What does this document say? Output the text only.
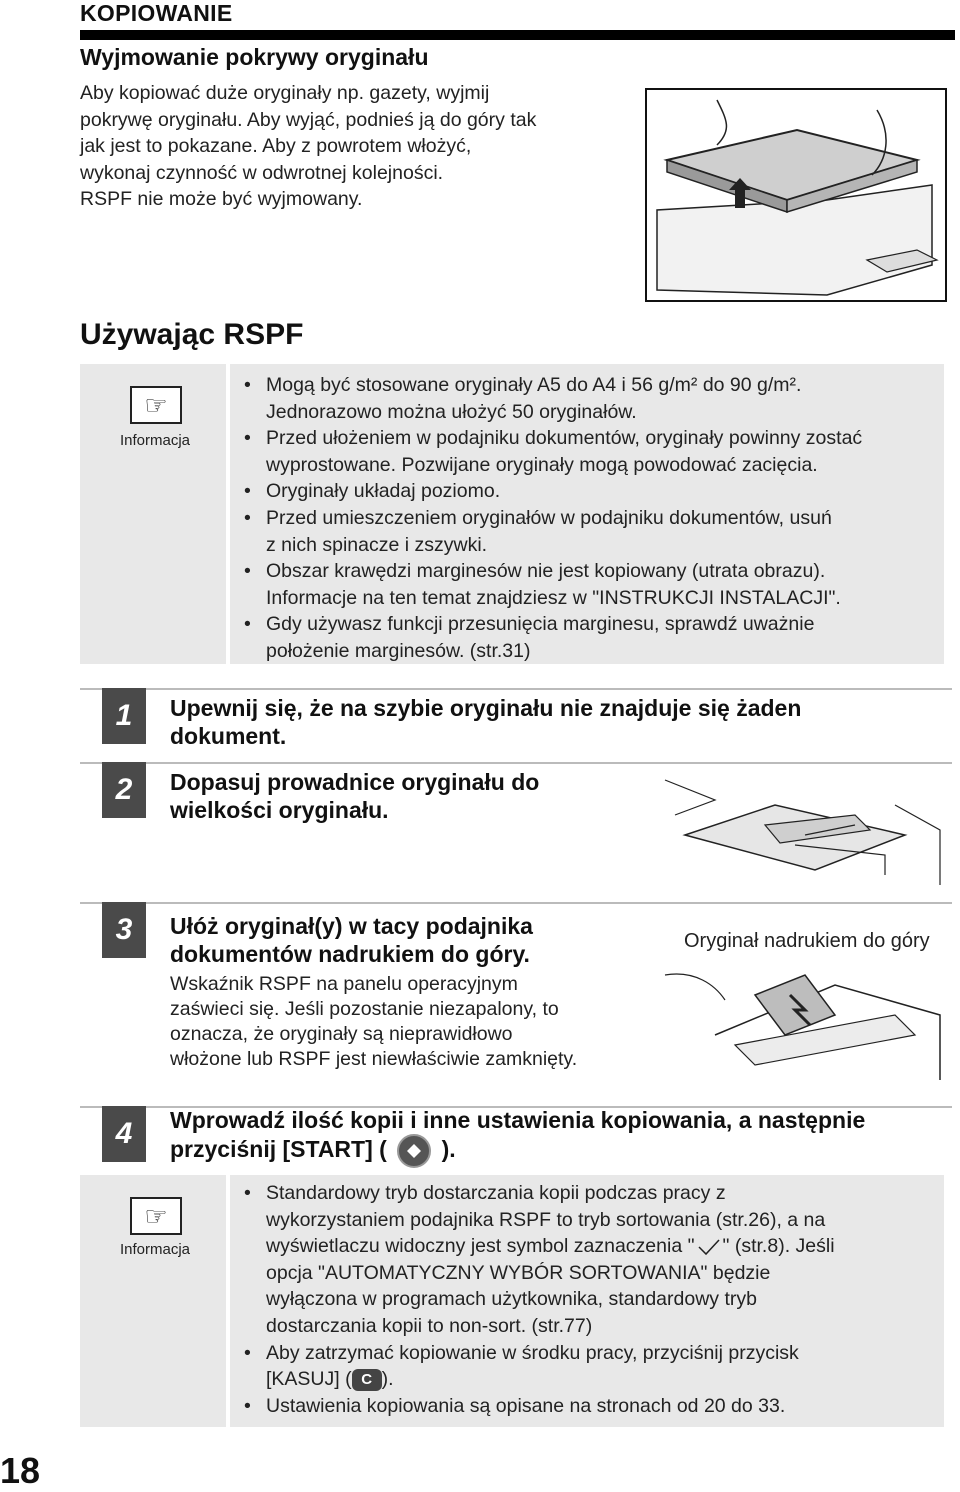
KOPIOWANIE
Wyjmowanie pokrywy oryginału
Aby kopiować duże oryginały np. gazety, wyjmij
pokrywę oryginału. Aby wyjąć, podnieś ją do góry tak
jak jest to pokazane. Aby z powrotem włożyć,
wykonaj czynność w odwrotnej kolejności.
RSPF nie może być wyjmowany.
Używając RSPF
☞
Informacja
• Mogą być stosowane oryginały A5 do A4 i 56 g/m² do 90 g/m².
Jednorazowo można ułożyć 50 oryginałów.
• Przed ułożeniem w podajniku dokumentów, oryginały powinny zostać
wyprostowane. Pozwijane oryginały mogą powodować zacięcia.
• Oryginały układaj poziomo.
• Przed umieszczeniem oryginałów w podajniku dokumentów, usuń
z nich spinacze i zszywki.
• Obszar krawędzi marginesów nie jest kopiowany (utrata obrazu).
Informacje na ten temat znajdziesz w "INSTRUKCJI INSTALACJI".
• Gdy używasz funkcji przesunięcia marginesu, sprawdź uważnie
położenie marginesów. (str.31)
1	Upewnij się, że na szybie oryginału nie znajduje się żaden
dokument.
2	Dopasuj prowadnice oryginału do
wielkości oryginału.
3	Ułóż oryginał(y) w tacy podajnika
dokumentów nadrukiem do góry.
Wskaźnik RSPF na panelu operacyjnym
zaświeci się. Jeśli pozostanie niezapalony, to
oznacza, że oryginały są nieprawidłowo
włożone lub RSPF jest niewłaściwie zamknięty.
Oryginał nadrukiem do góry
4	Wprowadź ilość kopii i inne ustawienia kopiowania, a następnie
przyciśnij [START] ( ).
☞
Informacja
• Standardowy tryb dostarczania kopii podczas pracy z
wykorzystaniem podajnika RSPF to tryb sortowania (str.26), a na
wyświetlaczu widoczny jest symbol zaznaczenia " " (str.8). Jeśli
opcja "AUTOMATYCZNY WYBÓR SORTOWANIA" będzie
wyłączona w programach użytkownika, standardowy tryb
dostarczania kopii to non-sort. (str.77)
• Aby zatrzymać kopiowanie w środku pracy, przyciśnij przycisk
[KASUJ] ( C ).
• Ustawienia kopiowania są opisane na stronach od 20 do 33.
18
